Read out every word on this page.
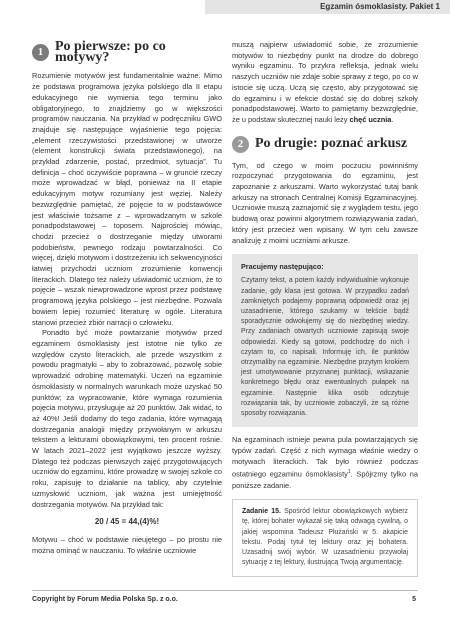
Egzamin ósmoklasisty. Pakiet 1
1 Po pierwsze: po co motywy?

Rozumienie motywów jest fundamentalnie ważne. Mimo że podstawa programowa języka polskiego dla II etapu edukacyjnego nie wymienia tego terminu jako obligatoryjnego, to znajdziemy go w większości programów nauczania. Na przykład w podręczniku GWO znajduje się następujące wyjaśnienie tego pojęcia: „element rzeczywistości przedstawionej w utworze (element konstrukcji świata przedstawionego), na przykład zdarzenie, postać, przedmiot, sytuacja”. Tu definicja – choć oczywiście poprawna – w gruncie rzeczy może wprowadzać w błąd, ponieważ na II etapie edukacyjnym motyw rozumiany jest węziej. Należy bezwzględnie pamiętać, że pojęcie to w podstawówce jest właściwie tożsame z – wprowadzanym w szkole ponadpodstawowej – toposem. Najprościej mówiąc, chodzi przecież o dostrzeganie między utworami podobieństw, pewnego rodzaju powtarzalności. Co więcej, dzięki motywom i dostrzeżeniu ich sekwencyjności łatwiej przychodzi uczniom zrozumienie konwencji literackich. Dlatego też należy uświadomić uczniom, że to pojęcie – wszak niewprowadzone wprost przez podstawę programową języka polskiego – jest niezbędne. Pozwala bowiem lepiej rozumieć literaturę w ogóle. Literatura stanowi przecież zbiór narracji o człowieku.

Ponadto być może powtarzanie motywów przed egzaminem ósmoklasisty jest istotne nie tylko ze względów czysto literackich, ale przede wszystkim z powodu pragmatyki – aby to zobrazować, pozwolę sobie wprowadzić odrobinę matematyki. Uczeń na egzaminie ósmoklasisty w normalnych warunkach może uzyskać 50 punktów; za wypracowanie, które wymaga rozumienia pojęcia motywu, przysługuje aż 20 punktów. Jak widać, to aż 40%! Jeśli dodamy do tego zadania, które wymagają dostrzegania analogii między przywołanym w arkuszu tekstem a lekturami obowiązkowymi, ten procent rośnie. W latach 2021–2022 jest wyjątkowo jeszcze wyższy. Dlatego też podczas pierwszych zajęć przygotowujących uczniów do egzaminu, które prowadzę w swojej szkole co roku, zapisuję to działanie na tablicy, aby czytelnie uzmysłowić uczniom, jak ważna jest umiejętność dostrzegania motywów. Na przykład tak:

20 / 45 = 44,(4)%!

Motywu – choć w podstawie nieujętego – po prostu nie można ominąć w nauczaniu. To właśnie uczniowie

muszą najpierw uświadomić sobie, że zrozumienie motywów to niezbędny punkt na drodze do dobrego wyniku egzaminu. To przykra refleksja, jednak wielu naszych uczniów nie zdaje sobie sprawy z tego, po co w istocie się uczą. Uczą się często, aby przygotować się do egzaminu i w efekcie dostać się do dobrej szkoły ponadpodstawowej. Warto to pamiętamy bezwzględnie, że u podstaw skutecznej nauki leży chęć ucznia.

2 Po drugie: poznać arkusz

Tym, od czego w moim poczuciu powinniśmy rozpoczynać przygotowania do egzaminu, jest zapoznanie z arkuszami. Warto wykorzystać tutaj bank arkuszy na stronach Centralnej Komisji Egzaminacyjnej. Uczniowie muszą zaznajomić się z wyglądem testu, jego budową oraz powinni algorytmem rozwiązywania zadań, który jest przecież wen wpisany. W tym celu zawsze analizuję z moimi uczniami arkusze.

Pracujemy następująco:

Czytamy tekst, a potem każdy indywidualnie wykonuje zadanie, gdy klasa jest gotowa. W przypadku zadań zamkniętych podajemy poprawną odpowiedź oraz jej uzasadnienie, którego szukamy w tekście bądź sporadycznie odwołujemy się do niezbędnej wiedzy. Przy zadaniach otwartych uczniowie zapisują swoje odpowiedzi. Kiedy są gotowi, podchodzę do nich i czytam to, co napisali. Informuję ich, ile punktów otrzymaliby na egzaminie. Niezbędne przytym krokiem jest umotywowanie przyznanej punktacji, wskazanie konkretnego błędu oraz ewentualnych pułapek na egzaminie. Następnie klika osób odczytuje rozwiązania tak, by uczniowie zobaczyli, że są różne sposoby rozwiązania.

Na egzaminach istnieje pewna pula powtarzających się typów zadań. Część z nich wymaga właśnie wiedzy o motywach literackich. Tak było również podczas ostatniego egzaminu ósmoklasisty$^1$. Spójrzmy tylko na poniższe zadanie.

Zadanie 15. Spośród lektur obowiązkowych wybierz tę, której bohater wykazał się taką odwagą cywilną, o jakiej wspomina Tadeusz Płużański w 5. akapicie tekstu. Podaj tytuł tej lektury oraz jej bohatera. Uzasadnij swój wybór. W uzasadnieniu przywołaj sytuację z tej lektury, ilustrującą Twoją argumentację.

Copyright by Forum Media Polska Sp. z o.o.	5
